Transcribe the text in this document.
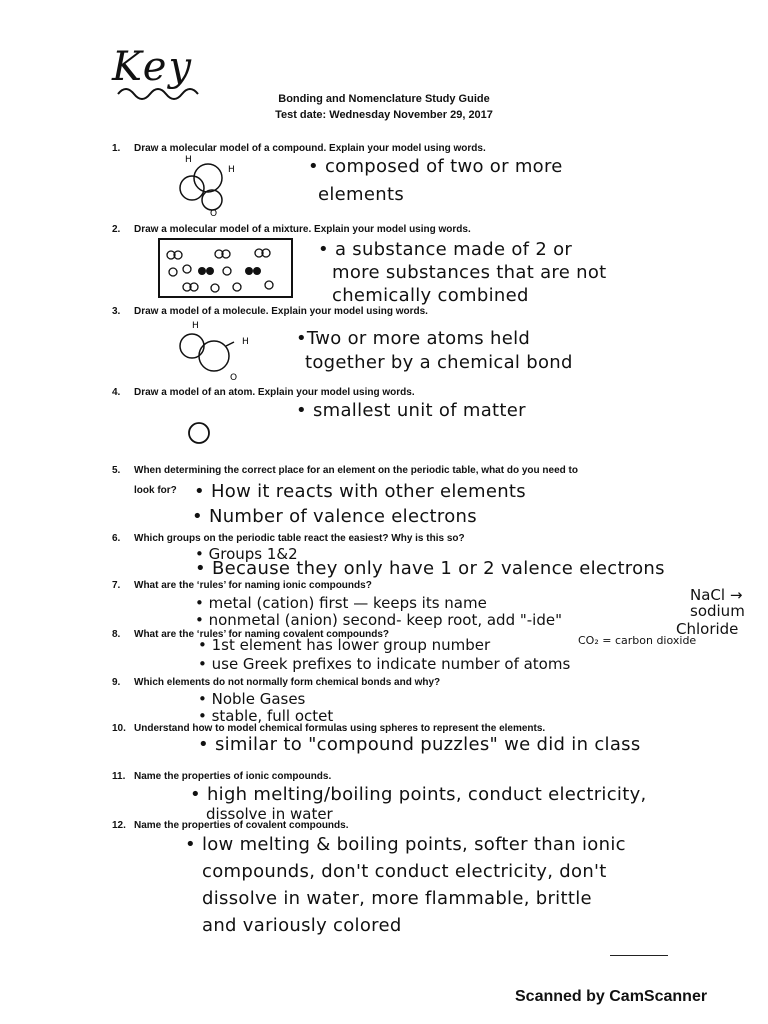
Key
Bonding and Nomenclature Study Guide
Test date: Wednesday November 29, 2017
1. Draw a molecular model of a compound. Explain your model using words.
2. Draw a molecular model of a mixture. Explain your model using words.
3. Draw a model of a molecule. Explain your model using words.
4. Draw a model of an atom. Explain your model using words.
5. When determining the correct place for an element on the periodic table, what do you need to
look for?
6. Which groups on the periodic table react the easiest? Why is this so?
7. What are the ‘rules’ for naming ionic compounds?
8. What are the ‘rules’ for naming covalent compounds?
9. Which elements do not normally form chemical bonds and why?
10. Understand how to model chemical formulas using spheres to represent the elements.
11. Name the properties of ionic compounds.
12. Name the properties of covalent compounds.
H
H
O
H
H
O
• composed of two or more
elements
• a substance made of 2 or
more substances that are not
chemically combined
•Two or more atoms held
together by a chemical bond
• smallest unit of matter
• How it reacts with other elements
• Number of valence electrons
• Groups 1&2
• Because they only have 1 or 2 valence electrons
• metal (cation) first — keeps its name
• nonmetal (anion) second- keep root, add "-ide"
NaCl →
sodium
Chloride
• 1st element has lower group number	CO₂ = carbon dioxide
• use Greek prefixes to indicate number of atoms
• Noble Gases
• stable, full octet
• similar to "compound puzzles" we did in class
• high melting/boiling points, conduct electricity,
dissolve in water
• low melting & boiling points, softer than ionic
compounds, don't conduct electricity, don't
dissolve in water, more flammable, brittle
and variously colored
Scanned by CamScanner
